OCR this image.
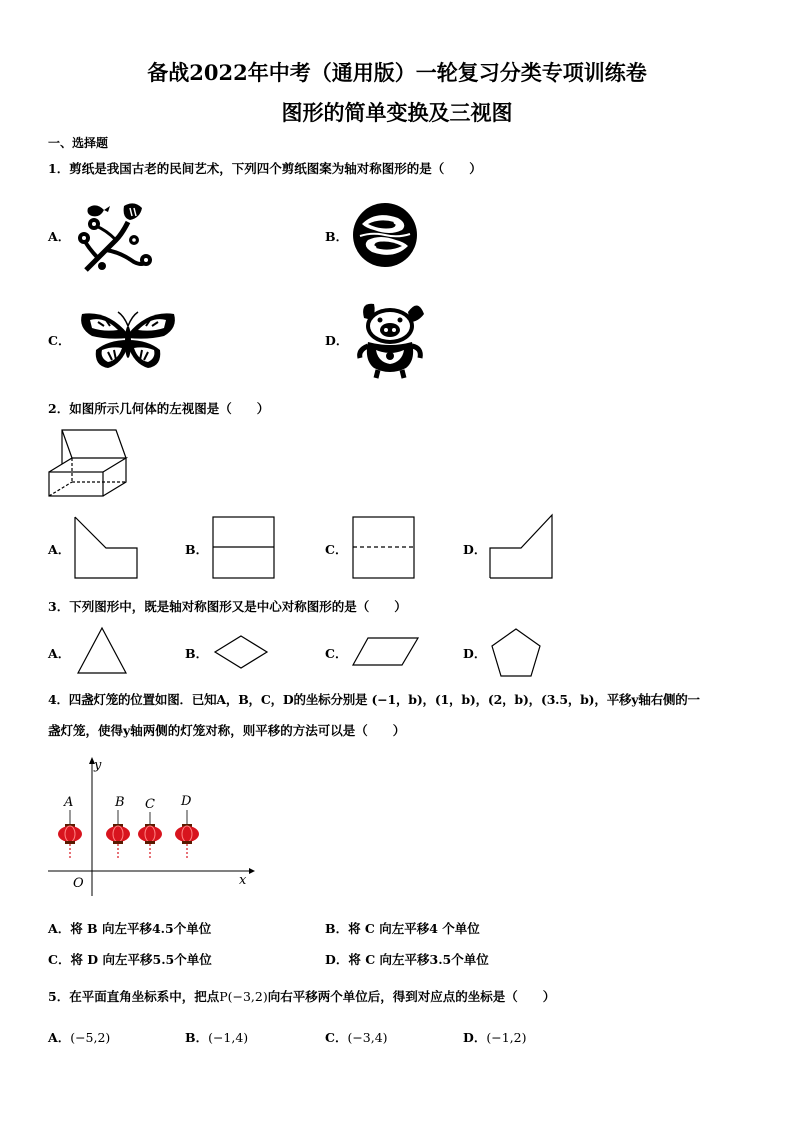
备战2022年中考（通用版）一轮复习分类专项训练卷
图形的简单变换及三视图
一、选择题
1．剪纸是我国古老的民间艺术，下列四个剪纸图案为轴对称图形的是（　　）
A．	B．
C．	D．
2．如图所示几何体的左视图是（　　）
A．	B．	C．	D．
3．下列图形中，既是轴对称图形又是中心对称图形的是（　　）
A．	B．	C．	D．
4．四盏灯笼的位置如图．已知A，B，C，D的坐标分别是 (−1，b)，(1，b)，(2，b)，(3.5，b)，平移y轴右侧的一
盏灯笼，使得y轴两侧的灯笼对称，则平移的方法可以是（　　）
y
x
O
A	B C D
A．将 B 向左平移4.5个单位	B．将 C 向左平移4 个单位
C．将 D 向左平移5.5个单位	D．将 C 向左平移3.5个单位
5．在平面直角坐标系中，把点P(−3,2)向右平移两个单位后，得到对应点的坐标是（　　）
A．(−5,2)	B．(−1,4)	C．(−3,4)	D．(−1,2)
